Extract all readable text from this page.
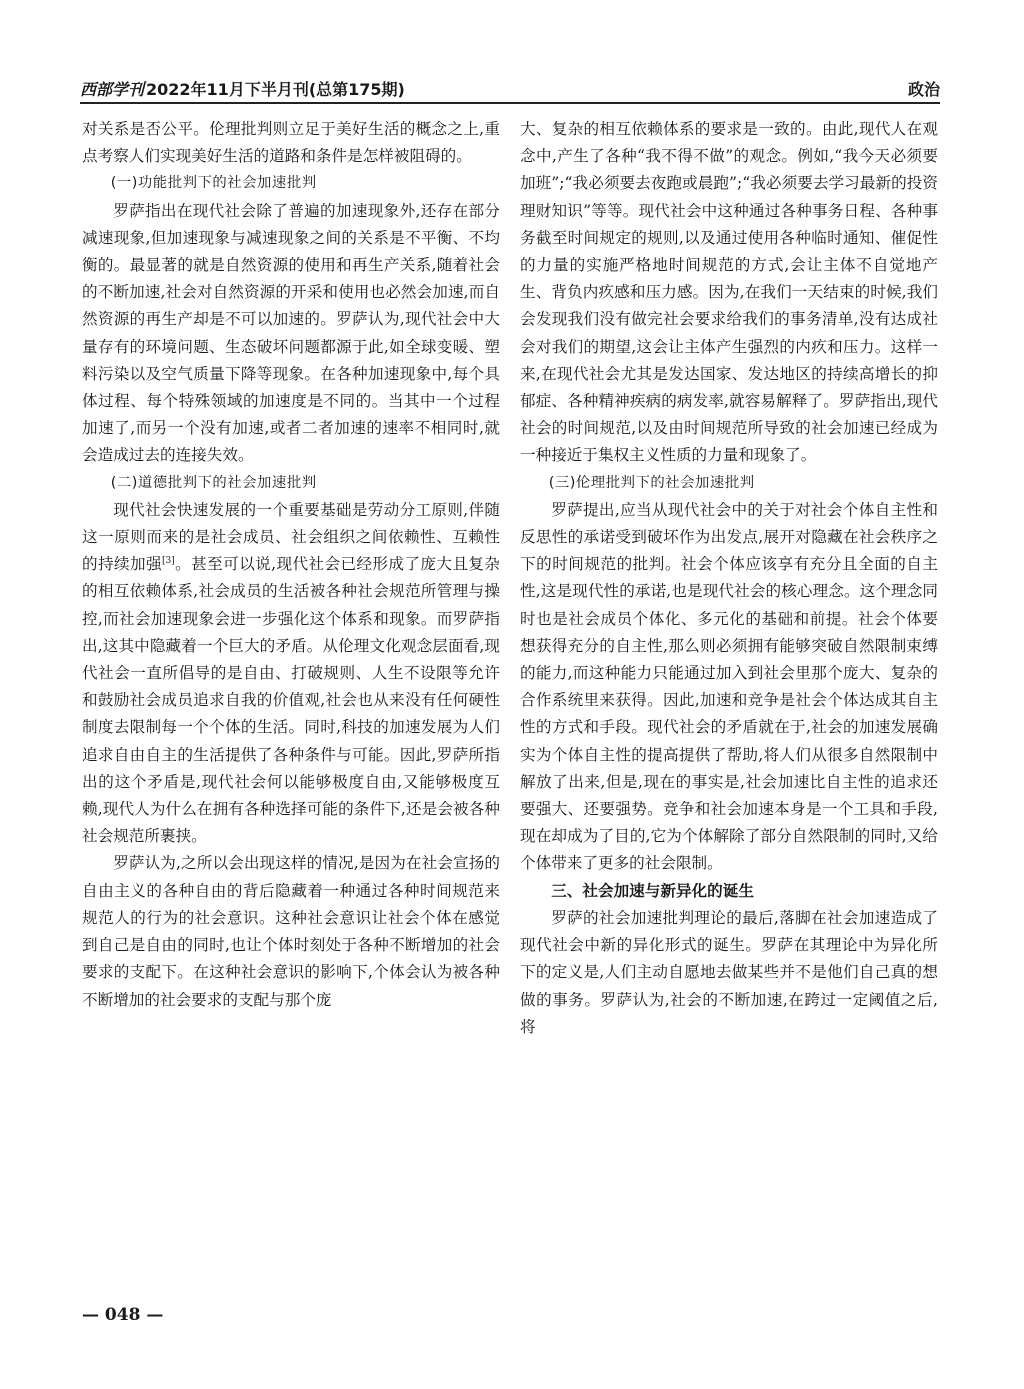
西部学刊 2022年11月下半月刊(总第175期)	政治

对关系是否公平。伦理批判则立足于美好生活的概念之上,重点考察人们实现美好生活的道路和条件是怎样被阻碍的。

(一)功能批判下的社会加速批判

罗萨指出在现代社会除了普遍的加速现象外,还存在部分减速现象,但加速现象与减速现象之间的关系是不平衡、不均衡的。最显著的就是自然资源的使用和再生产关系,随着社会的不断加速,社会对自然资源的开采和使用也必然会加速,而自然资源的再生产却是不可以加速的。罗萨认为,现代社会中大量存有的环境问题、生态破坏问题都源于此,如全球变暖、塑料污染以及空气质量下降等现象。在各种加速现象中,每个具体过程、每个特殊领域的加速度是不同的。当其中一个过程加速了,而另一个没有加速,或者二者加速的速率不相同时,就会造成过去的连接失效。

(二)道德批判下的社会加速批判

现代社会快速发展的一个重要基础是劳动分工原则,伴随这一原则而来的是社会成员、社会组织之间依赖性、互赖性的持续加强[3]。甚至可以说,现代社会已经形成了庞大且复杂的相互依赖体系,社会成员的生活被各种社会规范所管理与操控,而社会加速现象会进一步强化这个体系和现象。而罗萨指出,这其中隐藏着一个巨大的矛盾。从伦理文化观念层面看,现代社会一直所倡导的是自由、打破规则、人生不设限等允许和鼓励社会成员追求自我的价值观,社会也从来没有任何硬性制度去限制每一个个体的生活。同时,科技的加速发展为人们追求自由自主的生活提供了各种条件与可能。因此,罗萨所指出的这个矛盾是,现代社会何以能够极度自由,又能够极度互赖,现代人为什么在拥有各种选择可能的条件下,还是会被各种社会规范所裹挟。

罗萨认为,之所以会出现这样的情况,是因为在社会宣扬的自由主义的各种自由的背后隐藏着一种通过各种时间规范来规范人的行为的社会意识。这种社会意识让社会个体在感觉到自己是自由的同时,也让个体时刻处于各种不断增加的社会要求的支配下。在这种社会意识的影响下,个体会认为被各种不断增加的社会要求的支配与那个庞

大、复杂的相互依赖体系的要求是一致的。由此,现代人在观念中,产生了各种“我不得不做”的观念。例如,“我今天必须要加班”;“我必须要去夜跑或晨跑”;“我必须要去学习最新的投资理财知识”等等。现代社会中这种通过各种事务日程、各种事务截至时间规定的规则,以及通过使用各种临时通知、催促性的力量的实施严格地时间规范的方式,会让主体不自觉地产生、背负内疚感和压力感。因为,在我们一天结束的时候,我们会发现我们没有做完社会要求给我们的事务清单,没有达成社会对我们的期望,这会让主体产生强烈的内疚和压力。这样一来,在现代社会尤其是发达国家、发达地区的持续高增长的抑郁症、各种精神疾病的病发率,就容易解释了。罗萨指出,现代社会的时间规范,以及由时间规范所导致的社会加速已经成为一种接近于集权主义性质的力量和现象了。

(三)伦理批判下的社会加速批判

罗萨提出,应当从现代社会中的关于对社会个体自主性和反思性的承诺受到破坏作为出发点,展开对隐藏在社会秩序之下的时间规范的批判。社会个体应该享有充分且全面的自主性,这是现代性的承诺,也是现代社会的核心理念。这个理念同时也是社会成员个体化、多元化的基础和前提。社会个体要想获得充分的自主性,那么则必须拥有能够突破自然限制束缚的能力,而这种能力只能通过加入到社会里那个庞大、复杂的合作系统里来获得。因此,加速和竞争是社会个体达成其自主性的方式和手段。现代社会的矛盾就在于,社会的加速发展确实为个体自主性的提高提供了帮助,将人们从很多自然限制中解放了出来,但是,现在的事实是,社会加速比自主性的追求还要强大、还要强势。竞争和社会加速本身是一个工具和手段,现在却成为了目的,它为个体解除了部分自然限制的同时,又给个体带来了更多的社会限制。

三、社会加速与新异化的诞生

罗萨的社会加速批判理论的最后,落脚在社会加速造成了现代社会中新的异化形式的诞生。罗萨在其理论中为异化所下的定义是,人们主动自愿地去做某些并不是他们自己真的想做的事务。罗萨认为,社会的不断加速,在跨过一定阈值之后,将

— 048 —
